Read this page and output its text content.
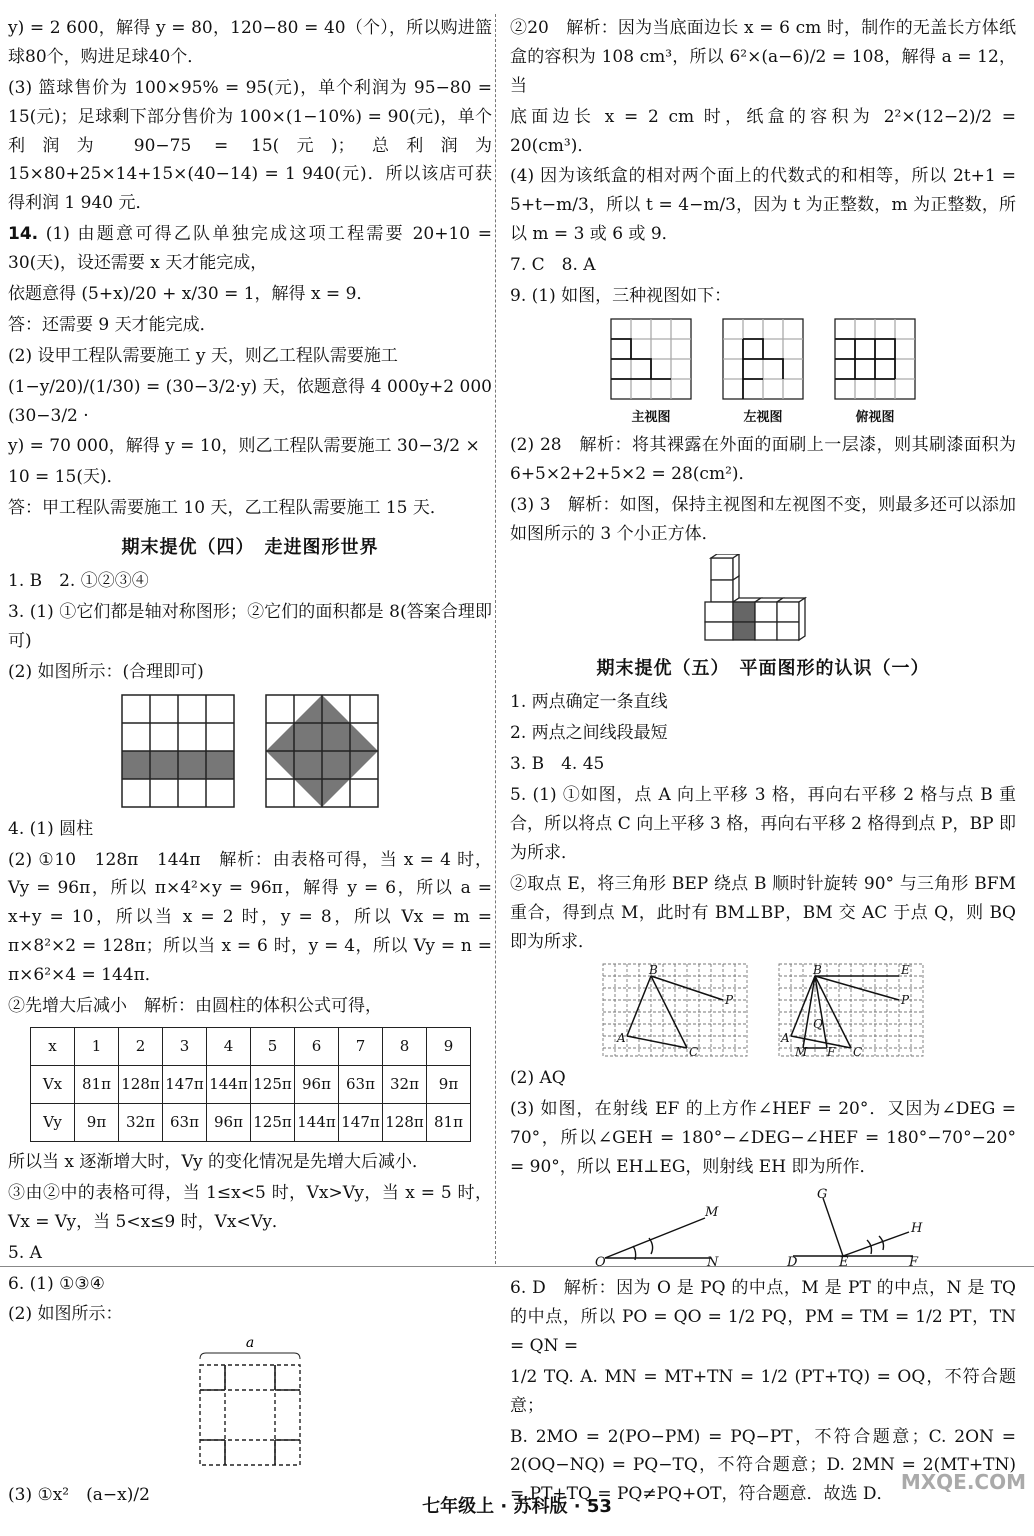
y) = 2 600，解得 y = 80，120−80 = 40（个），所以购进篮球80个，购进足球40个．

(3) 篮球售价为 100×95% = 95(元)，单个利润为 95−80 = 15(元)；足球剩下部分售价为 100×(1−10%) = 90(元)，单个利润为 90−75 = 15(元)；总利润为 15×80+25×14+15×(40−14) = 1 940(元)．所以该店可获得利润 1 940 元．

14. (1) 由题意可得乙队单独完成这项工程需要 20+10 = 30(天)，设还需要 x 天才能完成，

依题意得 (5+x)/20 + x/30 = 1，解得 x = 9．

答：还需要 9 天才能完成．

(2) 设甲工程队需要施工 y 天，则乙工程队需要施工

(1−y/20)/(1/30) = (30−3/2·y) 天，依题意得 4 000y+2 000 (30−3/2 ·

y) = 70 000，解得 y = 10，则乙工程队需要施工 30−3/2 ×

10 = 15(天)．

答：甲工程队需要施工 10 天，乙工程队需要施工 15 天．

期末提优（四）　走进图形世界

1. B　2. ①②③④

3. (1) ①它们都是轴对称图形；②它们的面积都是 8(答案合理即可)

(2) 如图所示：(合理即可)

4. (1) 圆柱

(2) ①10　128π　144π　解析：由表格可得，当 x = 4 时，Vy = 96π，所以 π×4²×y = 96π，解得 y = 6，所以 a = x+y = 10，所以当 x = 2 时，y = 8，所以 Vx = m = π×8²×2 = 128π；所以当 x = 6 时，y = 4，所以 Vy = n = π×6²×4 = 144π．

②先增大后减小　解析：由圆柱的体积公式可得，

x	1	2	3	4	5	6	7	8	9
Vx	81π	128π	147π	144π	125π	96π	63π	32π	9π
Vy	9π	32π	63π	96π	125π	144π	147π	128π	81π

所以当 x 逐渐增大时，Vy 的变化情况是先增大后减小．

③由②中的表格可得，当 1≤x<5 时，Vx>Vy，当 x = 5 时，Vx = Vy，当 5<x≤9 时，Vx<Vy．

5. A

6. (1) ①③④

(2) 如图所示：

a

(3) ①x²　(a−x)/2

②20　解析：因为当底面边长 x = 6 cm 时，制作的无盖长方体纸盒的容积为 108 cm³，所以 6²×(a−6)/2 = 108，解得 a = 12，当

底面边长 x = 2 cm 时，纸盒的容积为 2²×(12−2)/2 = 20(cm³)．

(4) 因为该纸盒的相对两个面上的代数式的和相等，所以 2t+1 = 5+t−m/3，所以 t = 4−m/3，因为 t 为正整数，m 为正整数，所以 m = 3 或 6 或 9．

7. C　8. A

9. (1) 如图，三种视图如下：

主视图	左视图	俯视图

(2) 28　解析：将其裸露在外面的面刷上一层漆，则其刷漆面积为 6+5×2+2+5×2 = 28(cm²)．

(3) 3　解析：如图，保持主视图和左视图不变，则最多还可以添加如图所示的 3 个小正方体．

期末提优（五）　平面图形的认识（一）

1. 两点确定一条直线

2. 两点之间线段最短

3. B　4. 45

5. (1) ①如图，点 A 向上平移 3 格，再向右平移 2 格与点 B 重合，所以将点 C 向上平移 3 格，再向右平移 2 格得到点 P，BP 即为所求．

②取点 E，将三角形 BEP 绕点 B 顺时针旋转 90° 与三角形 BFM 重合，得到点 M，此时有 BM⊥BP，BM 交 AC 于点 Q，则 BQ 即为所求．

A
B
P
C
A
B	E
P
M F C
Q

(2) AQ

(3) 如图，在射线 EF 的上方作∠HEF = 20°．又因为∠DEG = 70°，所以∠GEH = 180°−∠DEG−∠HEF = 180°−70°−20° = 90°，所以 EH⊥EG，则射线 EH 即为所作．

O	N
M
D	E	F
G
H

6. D　解析：因为 O 是 PQ 的中点，M 是 PT 的中点，N 是 TQ 的中点，所以 PO = QO = 1/2 PQ，PM = TM = 1/2 PT，TN = QN =

1/2 TQ. A. MN = MT+TN = 1/2 (PT+TQ) = OQ，不符合题意；

B. 2MO = 2(PO−PM) = PQ−PT，不符合题意；C. 2ON = 2(OQ−NQ) = PQ−TQ，不符合题意；D. 2MN = 2(MT+TN) = PT+TQ = PQ≠PQ+OT，符合题意．故选 D．

七年级上 · 苏科版 · 53
MXQE.COM
